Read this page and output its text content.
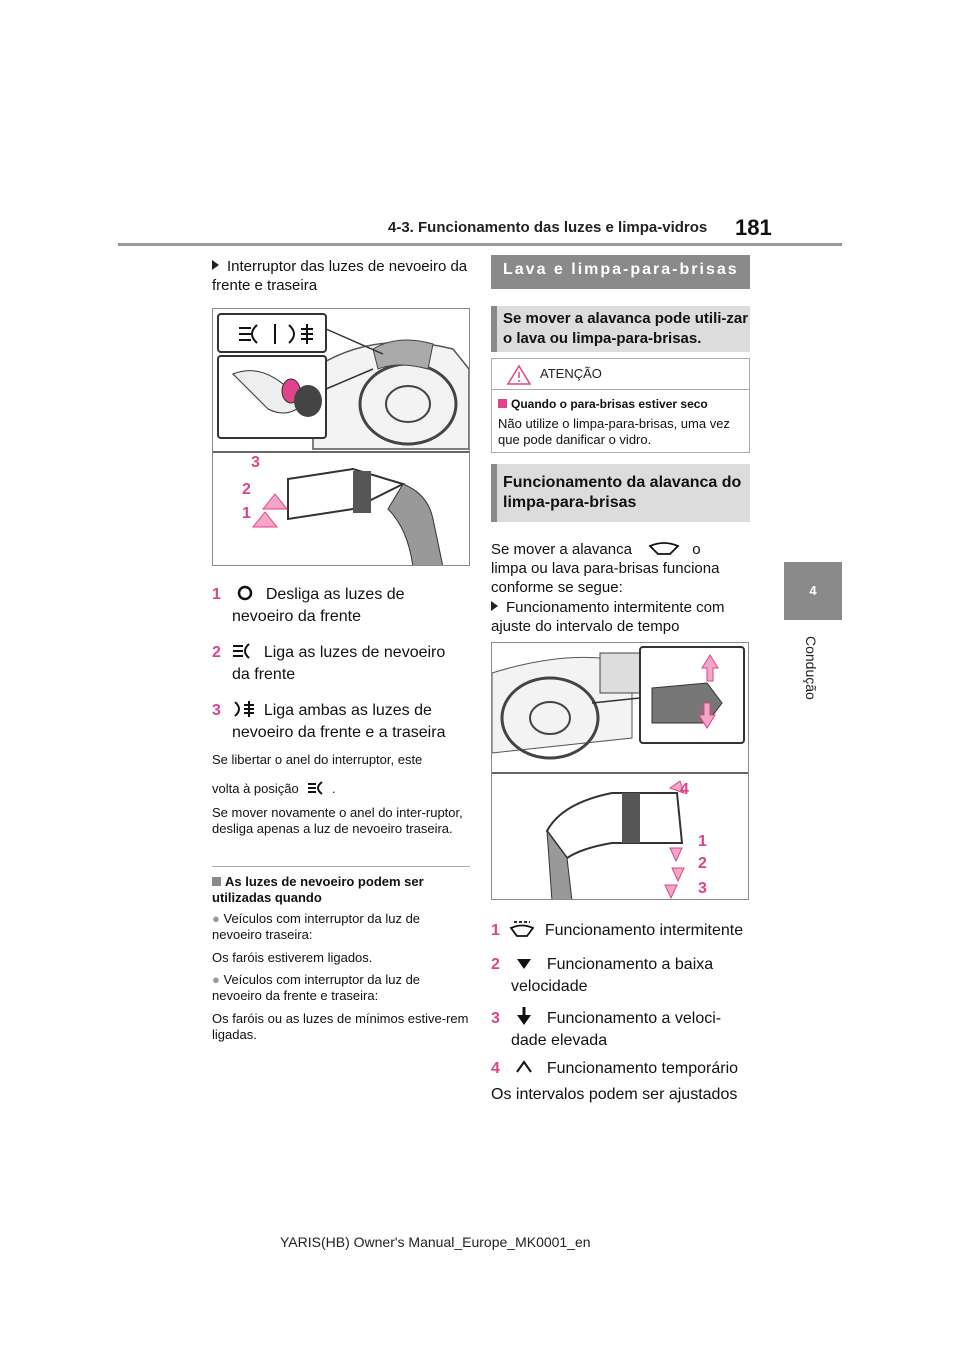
4-3. Funcionamento das luzes e limpa-vidros 181
4
Condução
Interruptor das luzes de nevoeiro da frente e traseira
3
2
1
1	Desliga as luzes de
nevoeiro da frente
2	Liga as luzes de nevoeiro
da frente
3	Liga ambas as luzes de
nevoeiro da frente e a traseira
Se libertar o anel do interruptor, este

volta à posição	.
Se mover novamente o anel do inter-ruptor, desliga apenas a luz de nevoeiro traseira.
As luzes de nevoeiro podem ser utilizadas quando
● Veículos com interruptor da luz de nevoeiro traseira:
Os faróis estiverem ligados.
● Veículos com interruptor da luz de nevoeiro da frente e traseira:
Os faróis ou as luzes de mínimos estive-rem ligadas.
Lava e limpa-para-brisas
Se mover a alavanca pode utili-zar o lava ou limpa-para-brisas.
ATENÇÃO
Quando o para-brisas estiver seco
Não utilize o limpa-para-brisas, uma vez que pode danificar o vidro.
Funcionamento da alavanca do limpa-para-brisas
Se mover a alavanca	o
limpa ou lava para-brisas funciona conforme se segue:
Funcionamento intermitente com ajuste do intervalo de tempo
4
1
2
3
1	Funcionamento intermitente
2	Funcionamento a baixa
velocidade
3	Funcionamento a veloci-
dade elevada
4	Funcionamento temporário
Os intervalos podem ser ajustados
YARIS(HB) Owner's Manual_Europe_MK0001_en
